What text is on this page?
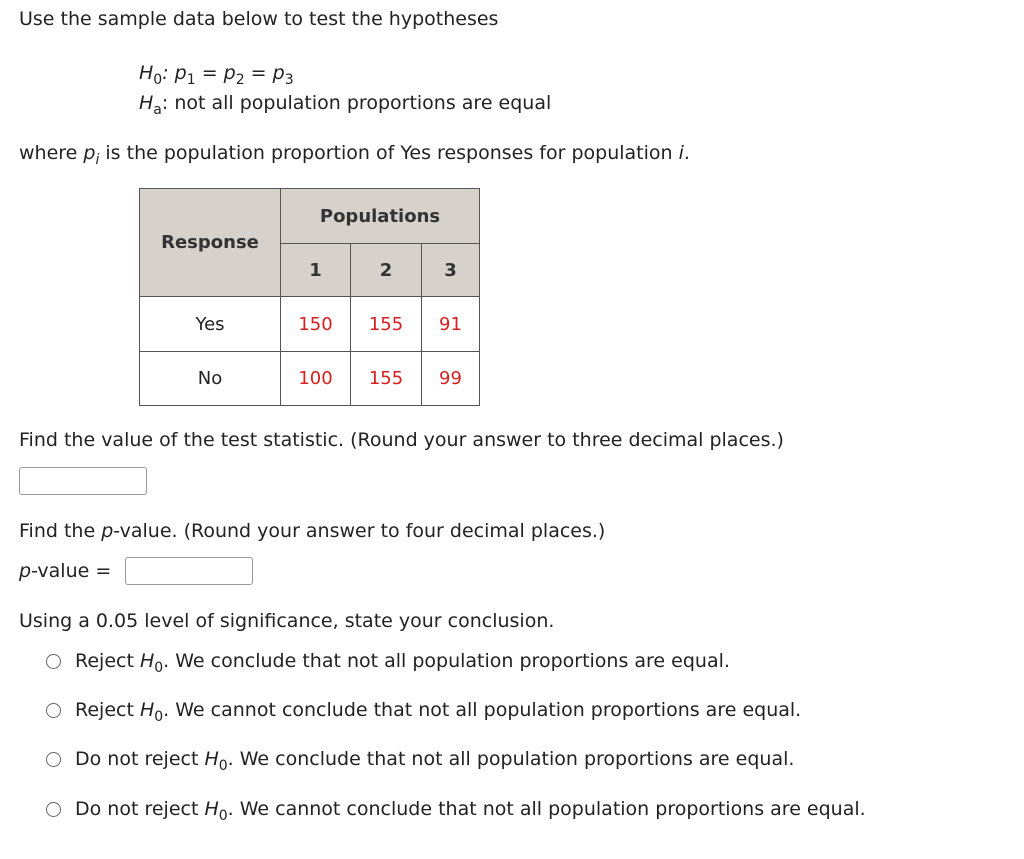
Use the sample data below to test the hypotheses
$H_0$: $p_1 = p_2 = p_3$
$H_a$: not all population proportions are equal
where $p_i$ is the population proportion of Yes responses for population i.
Response	Populations		
	1	2	3
Yes	150	155	91
No	100	155	99
Find the value of the test statistic. (Round your answer to three decimal places.)
Find the p-value. (Round your answer to four decimal places.)
p-value =
Using a 0.05 level of significance, state your conclusion.
Reject $H_0$. We conclude that not all population proportions are equal.
Reject $H_0$. We cannot conclude that not all population proportions are equal.
Do not reject $H_0$. We conclude that not all population proportions are equal.
Do not reject $H_0$. We cannot conclude that not all population proportions are equal.
